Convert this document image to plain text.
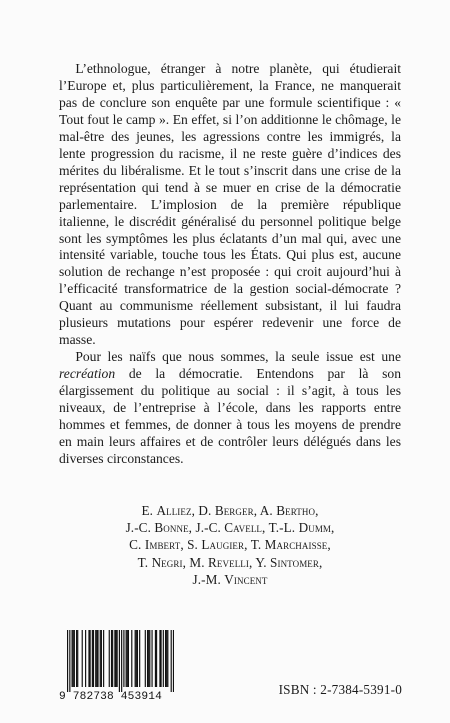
L’ethnologue, étranger à notre planète, qui étudierait l’Europe et, plus particulièrement, la France, ne manquerait pas de conclure son enquête par une formule scientifique : « Tout fout le camp ». En effet, si l’on additionne le chômage, le mal-être des jeunes, les agressions contre les immigrés, la lente progression du racisme, il ne reste guère d’indices des mérites du libéralisme. Et le tout s’inscrit dans une crise de la représentation qui tend à se muer en crise de la démocratie parlementaire. L’implosion de la première république italienne, le discrédit généralisé du personnel politique belge sont les symptômes les plus éclatants d’un mal qui, avec une intensité variable, touche tous les États. Qui plus est, aucune solution de rechange n’est proposée : qui croit aujourd’hui à l’efficacité transformatrice de la gestion social-démocrate ? Quant au communisme réellement subsistant, il lui faudra plusieurs mutations pour espérer redevenir une force de masse.

Pour les naïfs que nous sommes, la seule issue est une recréation de la démocratie. Entendons par là son élargissement du politique au social : il s’agit, à tous les niveaux, de l’entreprise à l’école, dans les rapports entre hommes et femmes, de donner à tous les moyens de prendre en main leurs affaires et de contrôler leurs délégués dans les diverses circonstances.

E. Alliez, D. Berger, A. Bertho,
J.-C. Bonne, J.-C. Cavell, T.-L. Dumm,
C. Imbert, S. Laugier, T. Marchaisse,
T. Negri, M. Revelli, Y. Sintomer,
J.-M. Vincent
9 782738 453914	ISBN : 2-7384-5391-0
